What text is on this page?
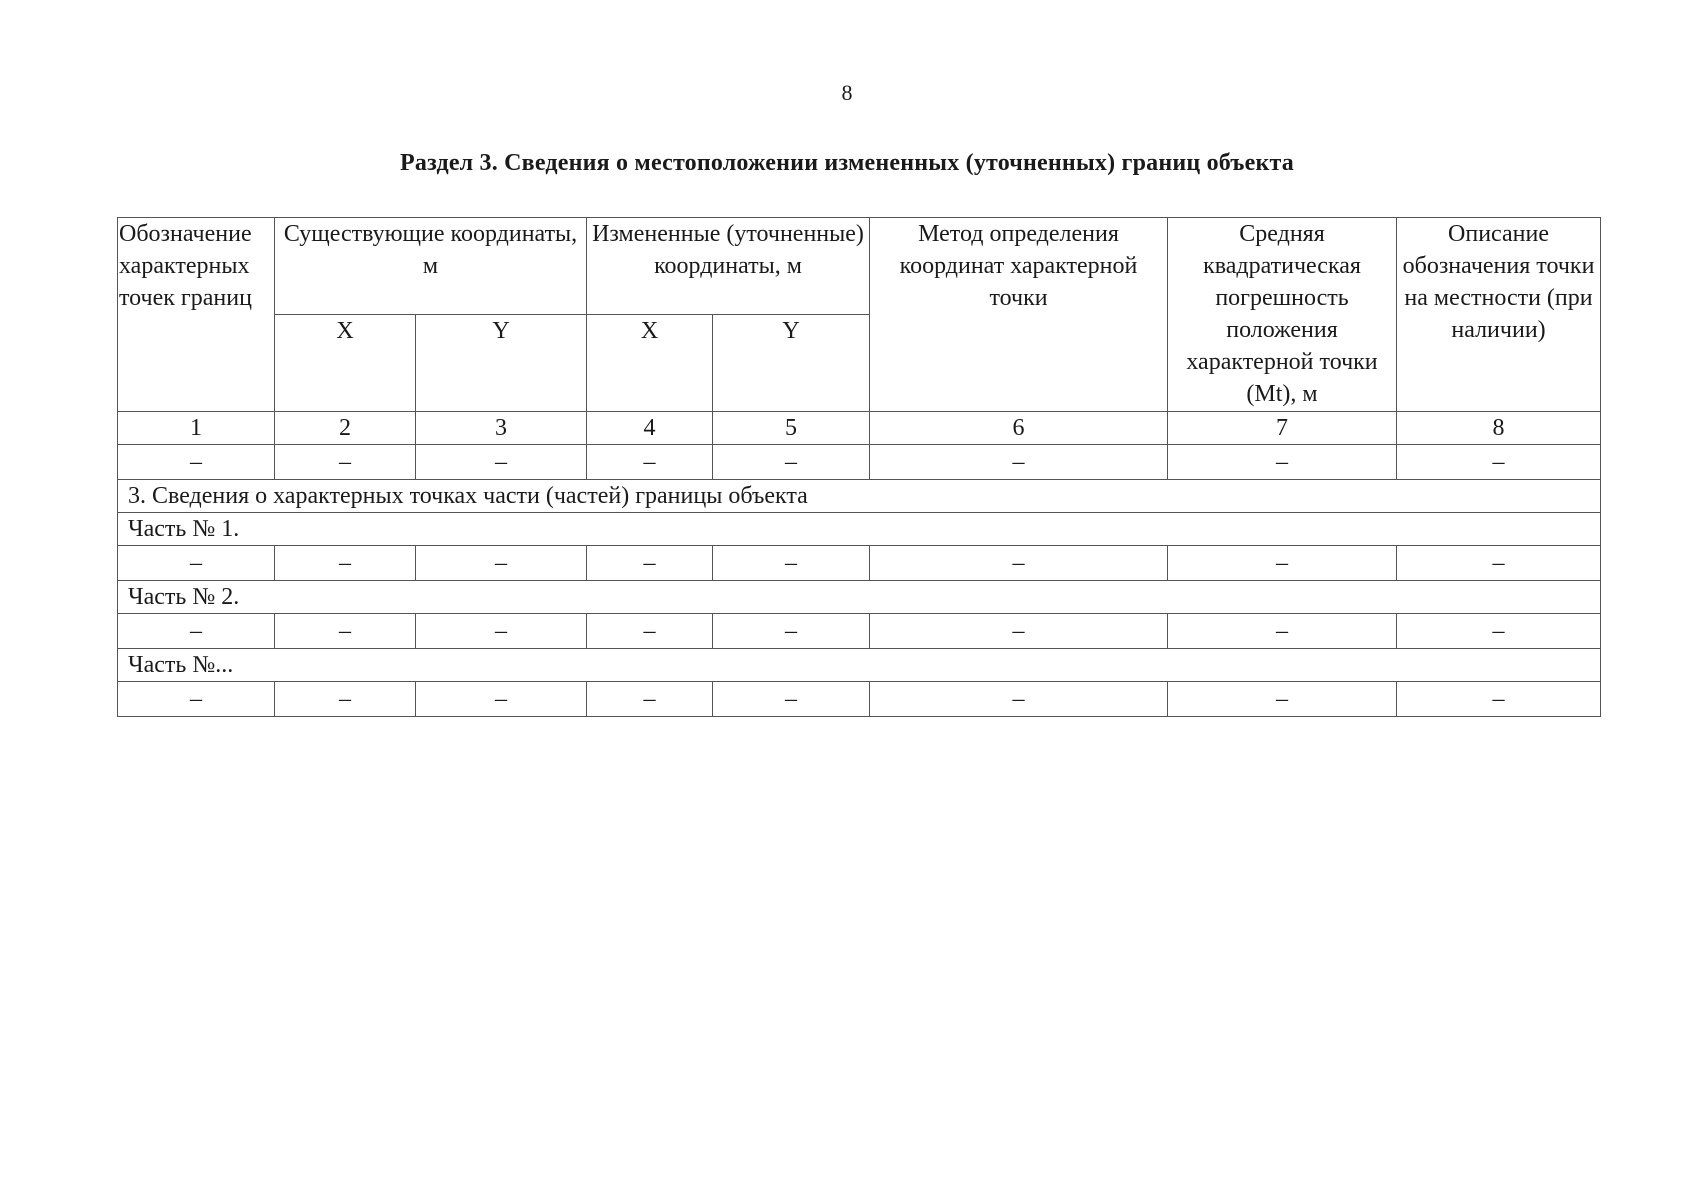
8
Раздел 3. Сведения о местоположении измененных (уточненных) границ объекта
Обозначение характерных точек границ	Существующие координаты, м		Измененные (уточненные) координаты, м		Метод определения координат характерной точки	Средняя квадратическая погрешность положения характерной точки (Mt), м	Описание обозначения точки на местности (при наличии)
	X	Y	X	Y			
1	2	3	4	5	6	7	8
–	–	–	–	–	–	–	–
3. Сведения о характерных точках части (частей) границы объекта							
Часть № 1.							
–	–	–	–	–	–	–	–
Часть № 2.							
–	–	–	–	–	–	–	–
Часть №...							
–	–	–	–	–	–	–	–
